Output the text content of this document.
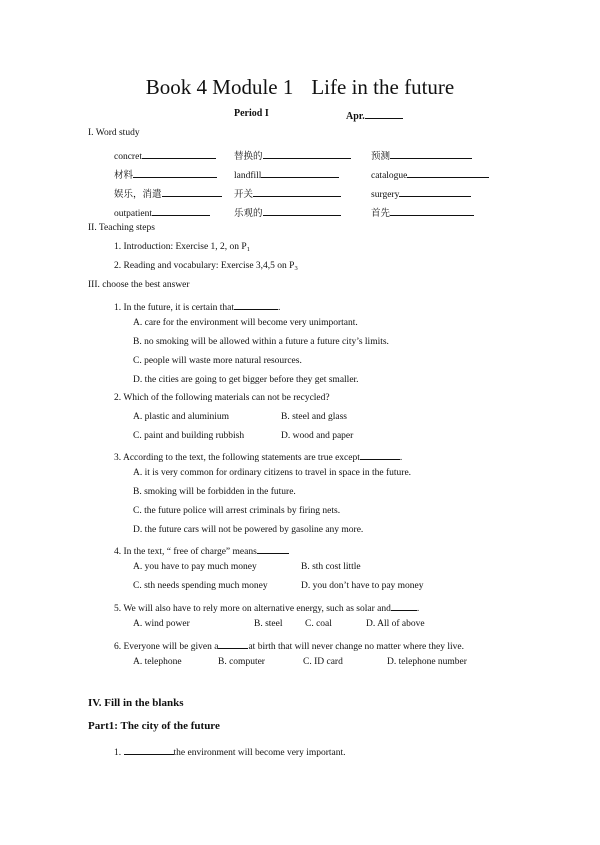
Book 4 Module 1 Life in the future
Period I	Apr.
I. Word study
concret	替换的	预测
材料	landfill	catalogue
娱乐，消遣	开关	surgery
outpatient	乐观的	首先
II. Teaching steps
1. Introduction: Exercise 1, 2, on $P_1$
2. Reading and vocabulary: Exercise 3,4,5 on $P_3$
III. choose the best answer
1. In the future, it is certain that	.
A. care for the environment will become very unimportant.
B. no smoking will be allowed within a future a future city’s limits.
C. people will waste more natural resources.
D. the cities are going to get bigger before they get smaller.
2. Which of the following materials can not be recycled?
A. plastic and aluminium	B. steel and glass
C. paint and building rubbish	D. wood and paper
3. According to the text, the following statements are true except	.
A. it is very common for ordinary citizens to travel in space in the future.
B. smoking will be forbidden in the future.
C. the future police will arrest criminals by firing nets.
D. the future cars will not be powered by gasoline any more.
4. In the text, “ free of charge” means
A. you have to pay much money	B. sth cost little
C. sth needs spending much money	D. you don’t have to pay money
5. We will also have to rely more on alternative energy, such as solar and	.
A. wind power	B. steel C. coal	D. All of above
6. Everyone will be given a	at birth that will never change no matter where they live.
A. telephone	B. computer	C. ID card	D. telephone number
IV. Fill in the blanks
Part1: The city of the future
1.	the environment will become very important.
